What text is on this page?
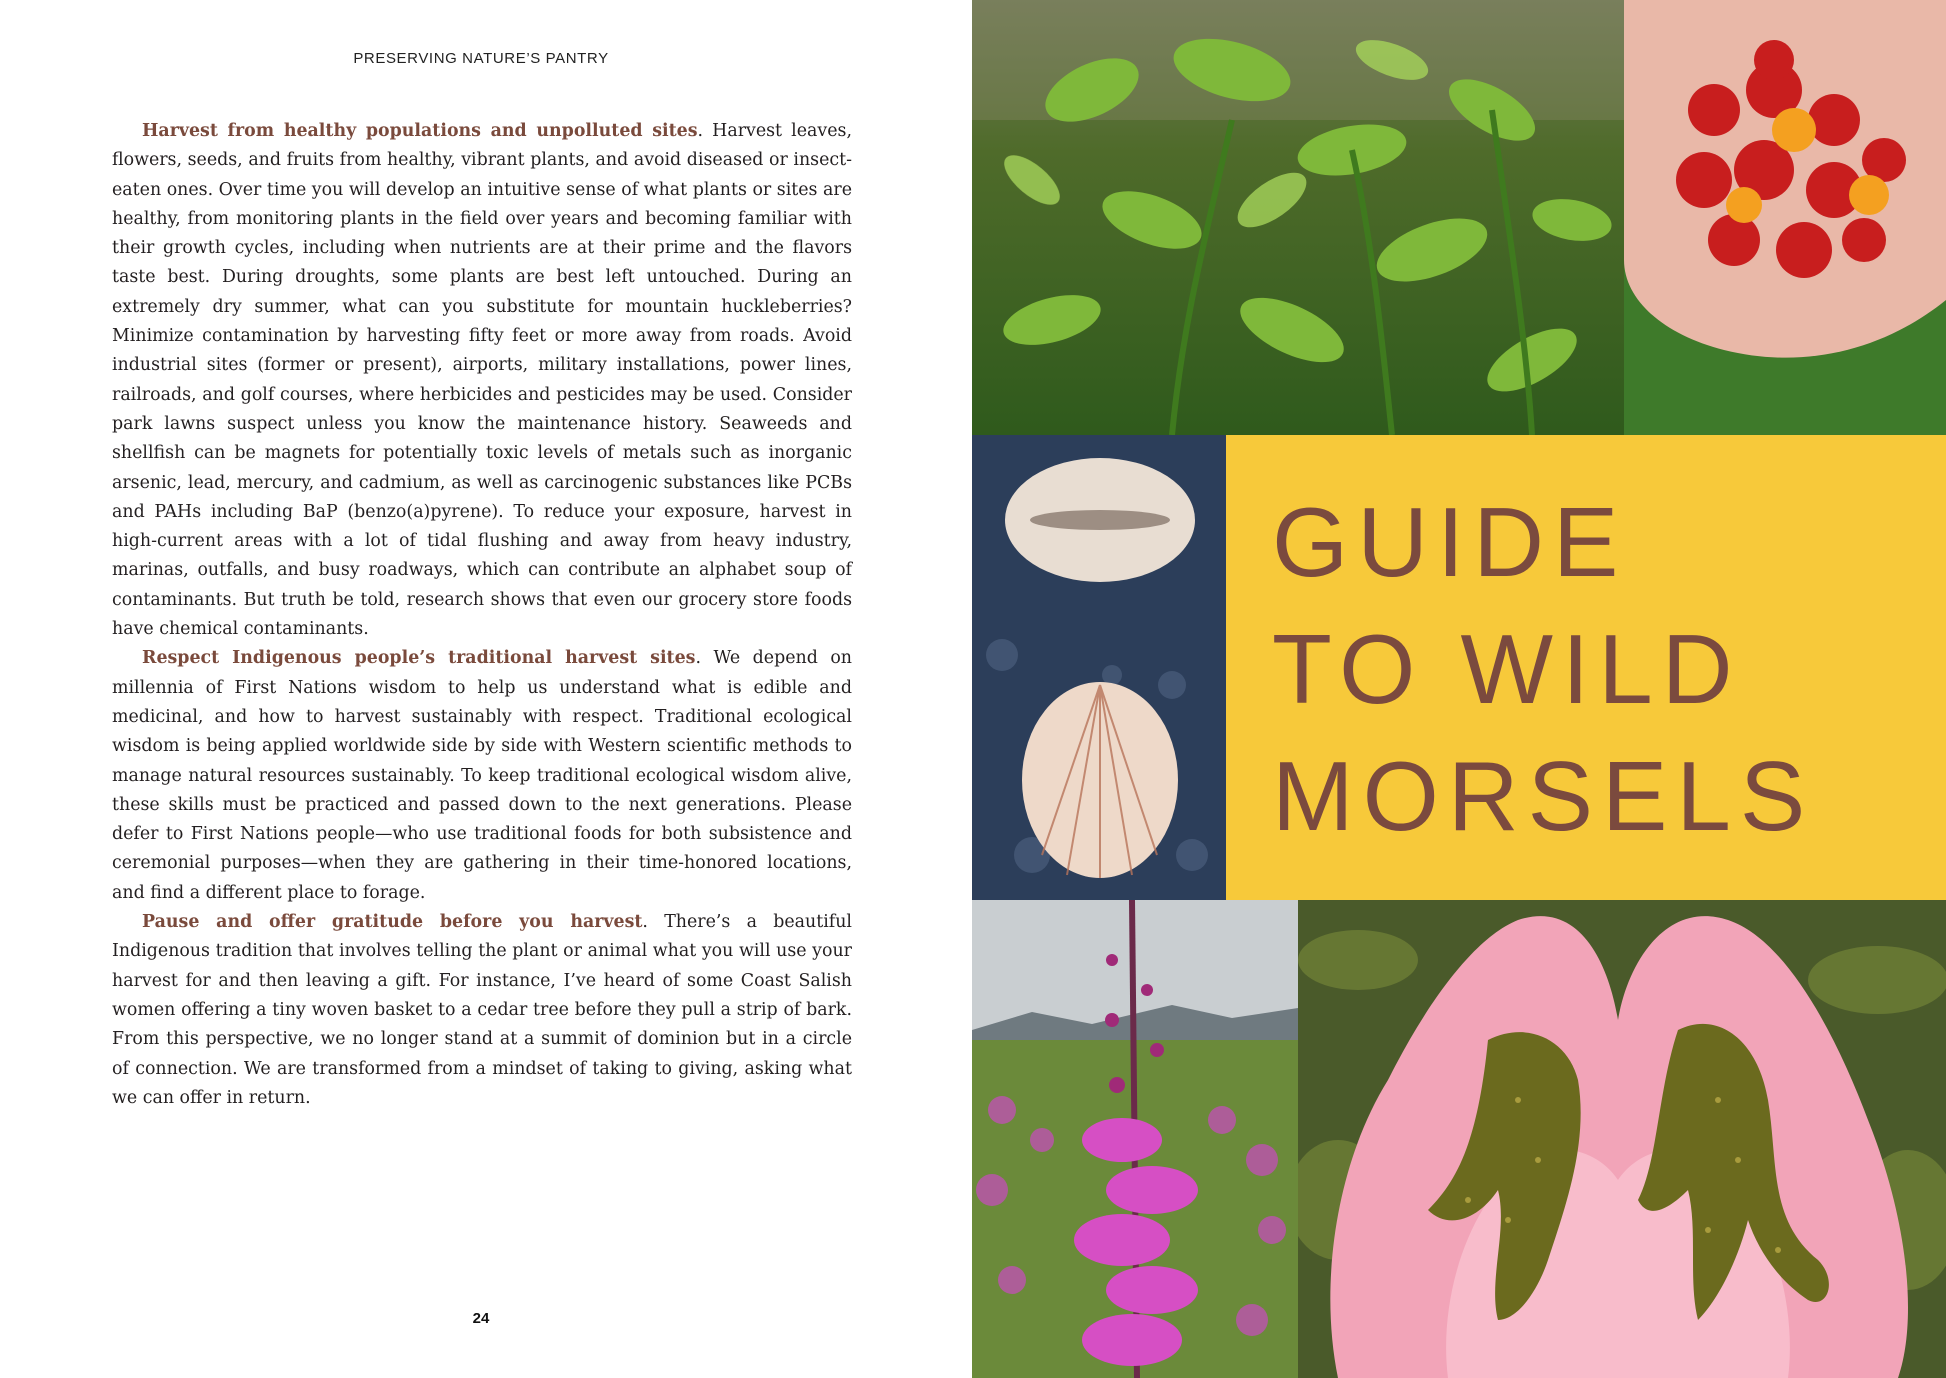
PRESERVING NATURE’S PANTRY

Harvest from healthy populations and unpolluted sites. Harvest leaves, flowers, seeds, and fruits from healthy, vibrant plants, and avoid diseased or insect-eaten ones. Over time you will develop an intuitive sense of what plants or sites are healthy, from monitoring plants in the field over years and becoming familiar with their growth cycles, including when nutrients are at their prime and the flavors taste best. During droughts, some plants are best left untouched. During an extremely dry summer, what can you substitute for mountain huckleberries? Minimize contamination by harvesting fifty feet or more away from roads. Avoid industrial sites (former or present), airports, military installations, power lines, railroads, and golf courses, where herbicides and pesticides may be used. Consider park lawns suspect unless you know the maintenance history. Seaweeds and shellfish can be magnets for potentially toxic levels of metals such as inorganic arsenic, lead, mercury, and cadmium, as well as carcinogenic substances like PCBs and PAHs including BaP (benzo(a)pyrene). To reduce your exposure, harvest in high-current areas with a lot of tidal flushing and away from heavy industry, marinas, outfalls, and busy roadways, which can contribute an alphabet soup of contaminants. But truth be told, research shows that even our grocery store foods have chemical contaminants.

Respect Indigenous people’s traditional harvest sites. We depend on millennia of First Nations wisdom to help us understand what is edible and medicinal, and how to harvest sustainably with respect. Traditional ecological wisdom is being applied worldwide side by side with Western scientific methods to manage natural resources sustainably. To keep traditional ecological wisdom alive, these skills must be practiced and passed down to the next generations. Please defer to First Nations people—who use traditional foods for both subsistence and ceremonial purposes—when they are gathering in their time-honored locations, and find a different place to forage.

Pause and offer gratitude before you harvest. There’s a beautiful Indigenous tradition that involves telling the plant or animal what you will use your harvest for and then leaving a gift. For instance, I’ve heard of some Coast Salish women offering a tiny woven basket to a cedar tree before they pull a strip of bark. From this perspective, we no longer stand at a summit of dominion but in a circle of connection. We are transformed from a mindset of taking to giving, asking what we can offer in return.

24
GUIDE
TO WILD
MORSELS
